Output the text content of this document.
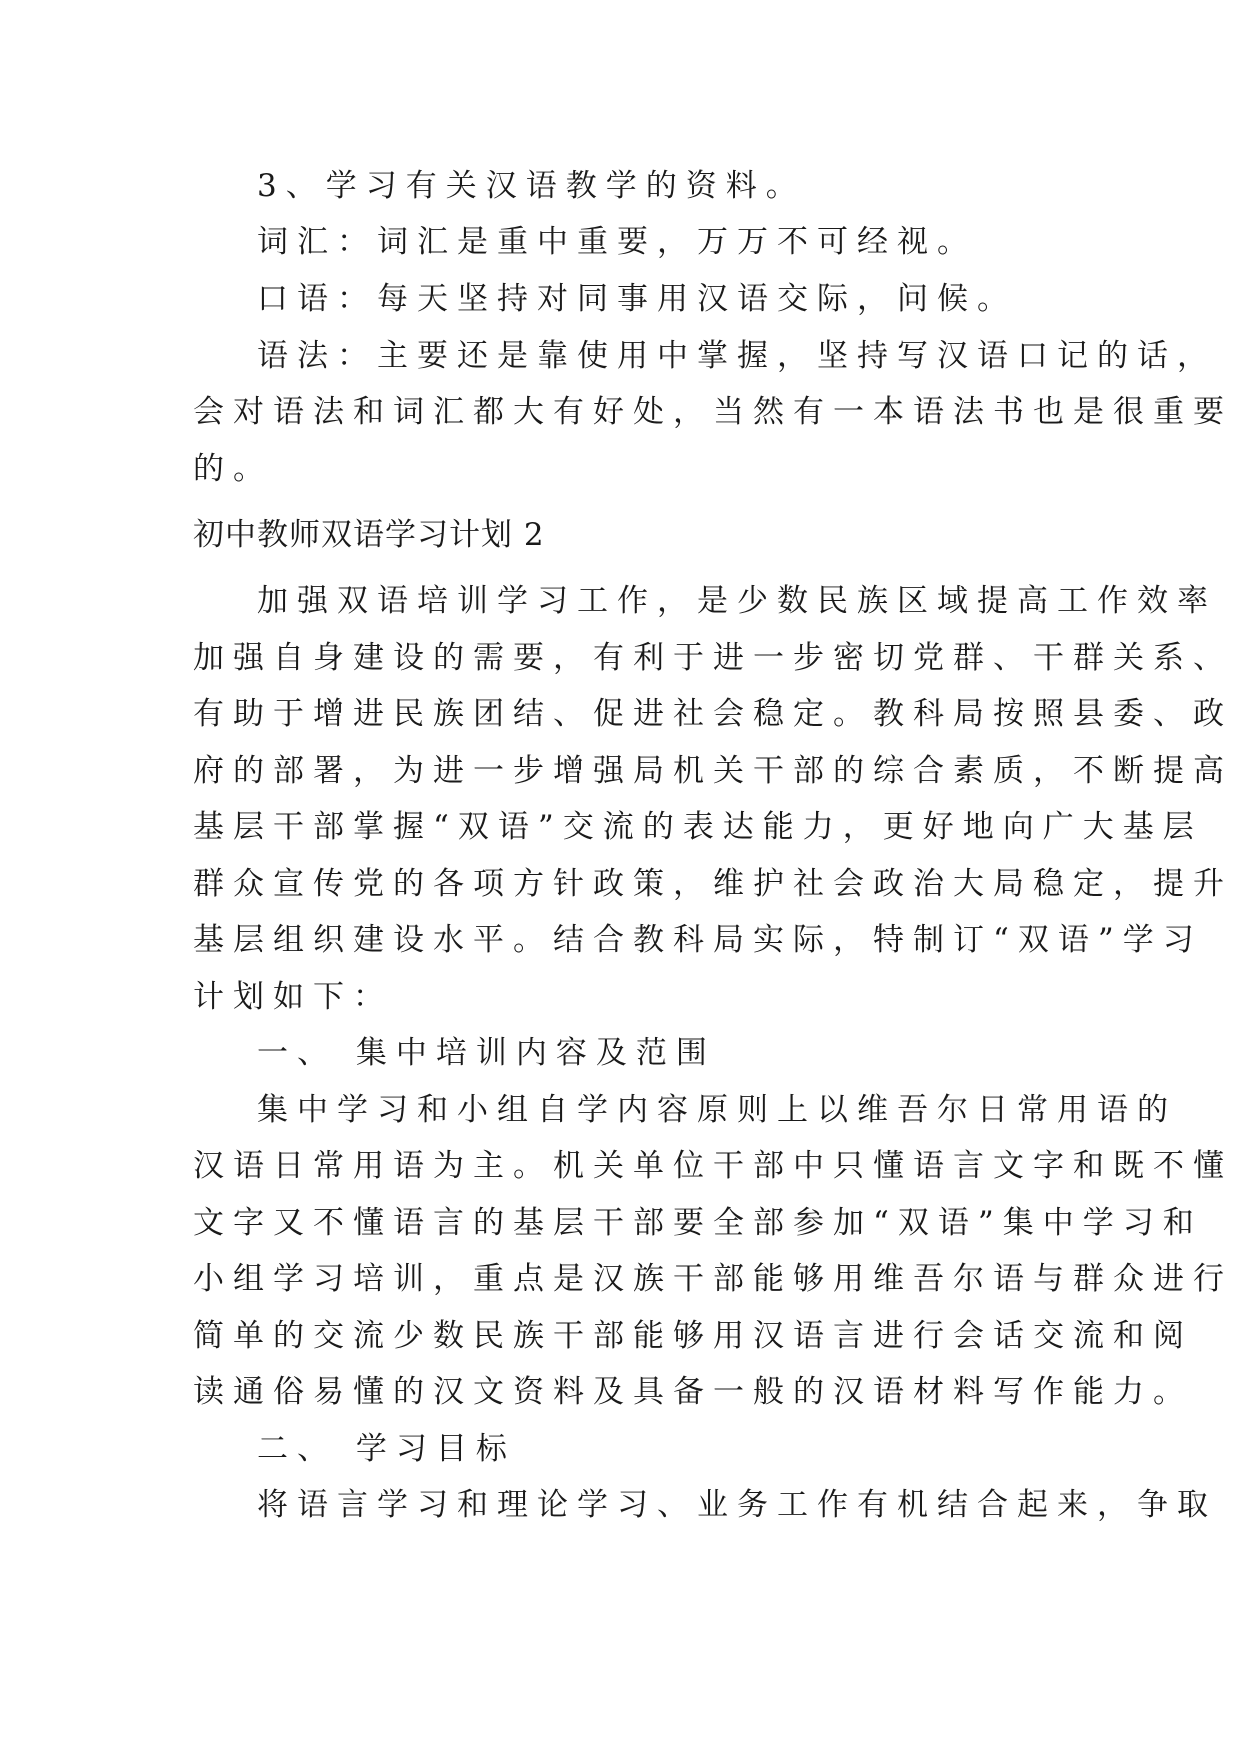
3、学习有关汉语教学的资料。
词汇：词汇是重中重要，万万不可经视。
口语：每天坚持对同事用汉语交际，问候。
语法：主要还是靠使用中掌握，坚持写汉语口记的话，
会对语法和词汇都大有好处，当然有一本语法书也是很重要
的。
初中教师双语学习计划 2
加强双语培训学习工作，是少数民族区域提高工作效率
加强自身建设的需要，有利于进一步密切党群、干群关系、
有助于增进民族团结、促进社会稳定。教科局按照县委、政
府的部署，为进一步增强局机关干部的综合素质，不断提高
基层干部掌握“双语”交流的表达能力，更好地向广大基层
群众宣传党的各项方针政策，维护社会政治大局稳定，提升
基层组织建设水平。结合教科局实际，特制订“双语”学习
计划如下：
一、 集中培训内容及范围
集中学习和小组自学内容原则上以维吾尔日常用语的
汉语日常用语为主。机关单位干部中只懂语言文字和既不懂
文字又不懂语言的基层干部要全部参加“双语”集中学习和
小组学习培训，重点是汉族干部能够用维吾尔语与群众进行
简单的交流少数民族干部能够用汉语言进行会话交流和阅
读通俗易懂的汉文资料及具备一般的汉语材料写作能力。
二、 学习目标
将语言学习和理论学习、业务工作有机结合起来，争取
